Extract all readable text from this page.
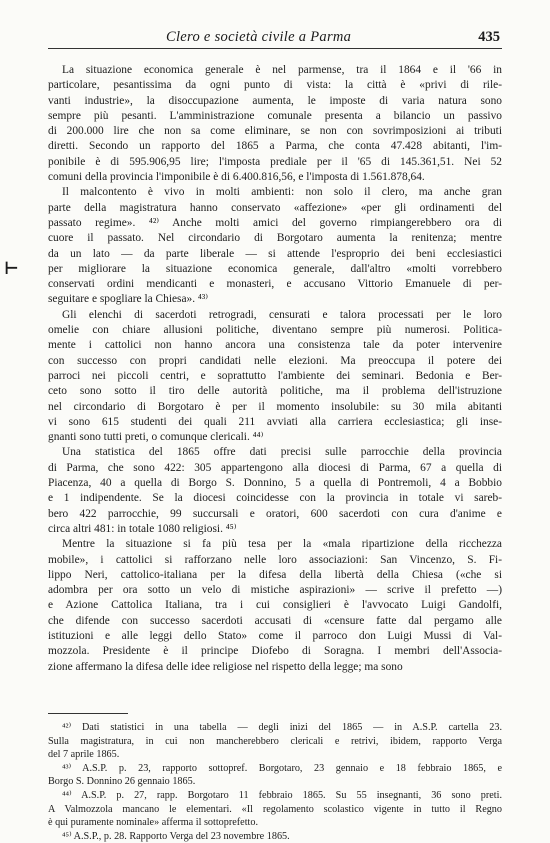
Clero e società civile a Parma	435
⊢

La situazione economica generale è nel parmense, tra il 1864 e il '66 in
particolare, pesantissima da ogni punto di vista: la città è «privi di rile-
vanti industrie», la disoccupazione aumenta, le imposte di varia natura sono
sempre più pesanti. L'amministrazione comunale presenta a bilancio un passivo
di 200.000 lire che non sa come eliminare, se non con sovrimposizioni ai tributi
diretti. Secondo un rapporto del 1865 a Parma, che conta 47.428 abitanti, l'im-
ponibile è di 595.906,95 lire; l'imposta prediale per il '65 di 145.361,51. Nei 52
comuni della provincia l'imponibile è di 6.400.816,56, e l'imposta di 1.561.878,64.

Il malcontento è vivo in molti ambienti: non solo il clero, ma anche gran
parte della magistratura hanno conservato «affezione» «per gli ordinamenti del
passato regime». ⁴²⁾ Anche molti amici del governo rimpiangerebbero ora di
cuore il passato. Nel circondario di Borgotaro aumenta la renitenza; mentre
da un lato — da parte liberale — si attende l'esproprio dei beni ecclesiastici
per migliorare la situazione economica generale, dall'altro «molti vorrebbero
conservati ordini mendicanti e monasteri, e accusano Vittorio Emanuele di per-
seguitare e spogliare la Chiesa». ⁴³⁾

Gli elenchi di sacerdoti retrogradi, censurati e talora processati per le loro
omelie con chiare allusioni politiche, diventano sempre più numerosi. Politica-
mente i cattolici non hanno ancora una consistenza tale da poter intervenire
con successo con propri candidati nelle elezioni. Ma preoccupa il potere dei
parroci nei piccoli centri, e soprattutto l'ambiente dei seminari. Bedonia e Ber-
ceto sono sotto il tiro delle autorità politiche, ma il problema dell'istruzione
nel circondario di Borgotaro è per il momento insolubile: su 30 mila abitanti
vi sono 615 studenti dei quali 211 avviati alla carriera ecclesiastica; gli inse-
gnanti sono tutti preti, o comunque clericali. ⁴⁴⁾

Una statistica del 1865 offre dati precisi sulle parrocchie della provincia
di Parma, che sono 422: 305 appartengono alla diocesi di Parma, 67 a quella di
Piacenza, 40 a quella di Borgo S. Donnino, 5 a quella di Pontremoli, 4 a Bobbio
e 1 indipendente. Se la diocesi coincidesse con la provincia in totale vi sareb-
bero 422 parrocchie, 99 succursali e oratori, 600 sacerdoti con cura d'anime e
circa altri 481: in totale 1080 religiosi. ⁴⁵⁾

Mentre la situazione si fa più tesa per la «mala ripartizione della ricchezza
mobile», i cattolici si rafforzano nelle loro associazioni: San Vincenzo, S. Fi-
lippo Neri, cattolico-italiana per la difesa della libertà della Chiesa («che si
adombra per ora sotto un velo di mistiche aspirazioni» — scrive il prefetto —)
e Azione Cattolica Italiana, tra i cui consiglieri è l'avvocato Luigi Gandolfi,
che difende con successo sacerdoti accusati di «censure fatte dal pergamo alle
istituzioni e alle leggi dello Stato» come il parroco don Luigi Mussi di Val-
mozzola. Presidente è il principe Diofebo di Soragna. I membri dell'Associa-
zione affermano la difesa delle idee religiose nel rispetto della legge; ma sono

⁴²⁾ Dati statistici in una tabella — degli inizi del 1865 — in A.S.P. cartella 23.
Sulla magistratura, in cui non mancherebbero clericali e retrivi, ibidem, rapporto Verga
del 7 aprile 1865.
⁴³⁾ A.S.P. p. 23, rapporto sottopref. Borgotaro, 23 gennaio e 18 febbraio 1865, e
Borgo S. Donnino 26 gennaio 1865.
⁴⁴⁾ A.S.P. p. 27, rapp. Borgotaro 11 febbraio 1865. Su 55 insegnanti, 36 sono preti.
A Valmozzola mancano le elementari. «Il regolamento scolastico vigente in tutto il Regno
è qui puramente nominale» afferma il sottoprefetto.
⁴⁵⁾ A.S.P., p. 28. Rapporto Verga del 23 novembre 1865.
